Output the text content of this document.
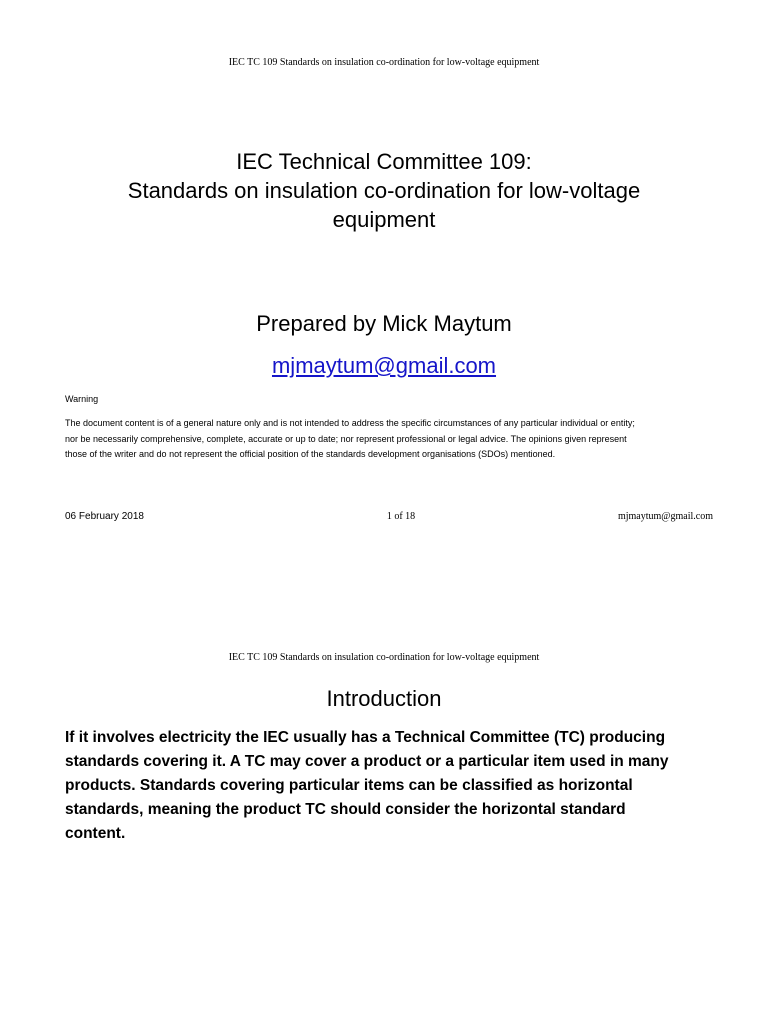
IEC TC 109 Standards on insulation co-ordination for low-voltage equipment
IEC Technical Committee 109:
Standards on insulation co-ordination for low-voltage
equipment
Prepared by Mick Maytum
mjmaytum@gmail.com
Warning
The document content is of a general nature only and is not intended to address the specific circumstances of any particular individual or entity;
nor be necessarily comprehensive, complete, accurate or up to date; nor represent professional or legal advice. The opinions given represent
those of the writer and do not represent the official position of the standards development organisations (SDOs) mentioned.
06 February 2018	1 of 18	mjmaytum@gmail.com
IEC TC 109 Standards on insulation co-ordination for low-voltage equipment
Introduction
If it involves electricity the IEC usually has a Technical Committee (TC) producing
standards covering it. A TC may cover a product or a particular item used in many
products. Standards covering particular items can be classified as horizontal
standards, meaning the product TC should consider the horizontal standard
content.
